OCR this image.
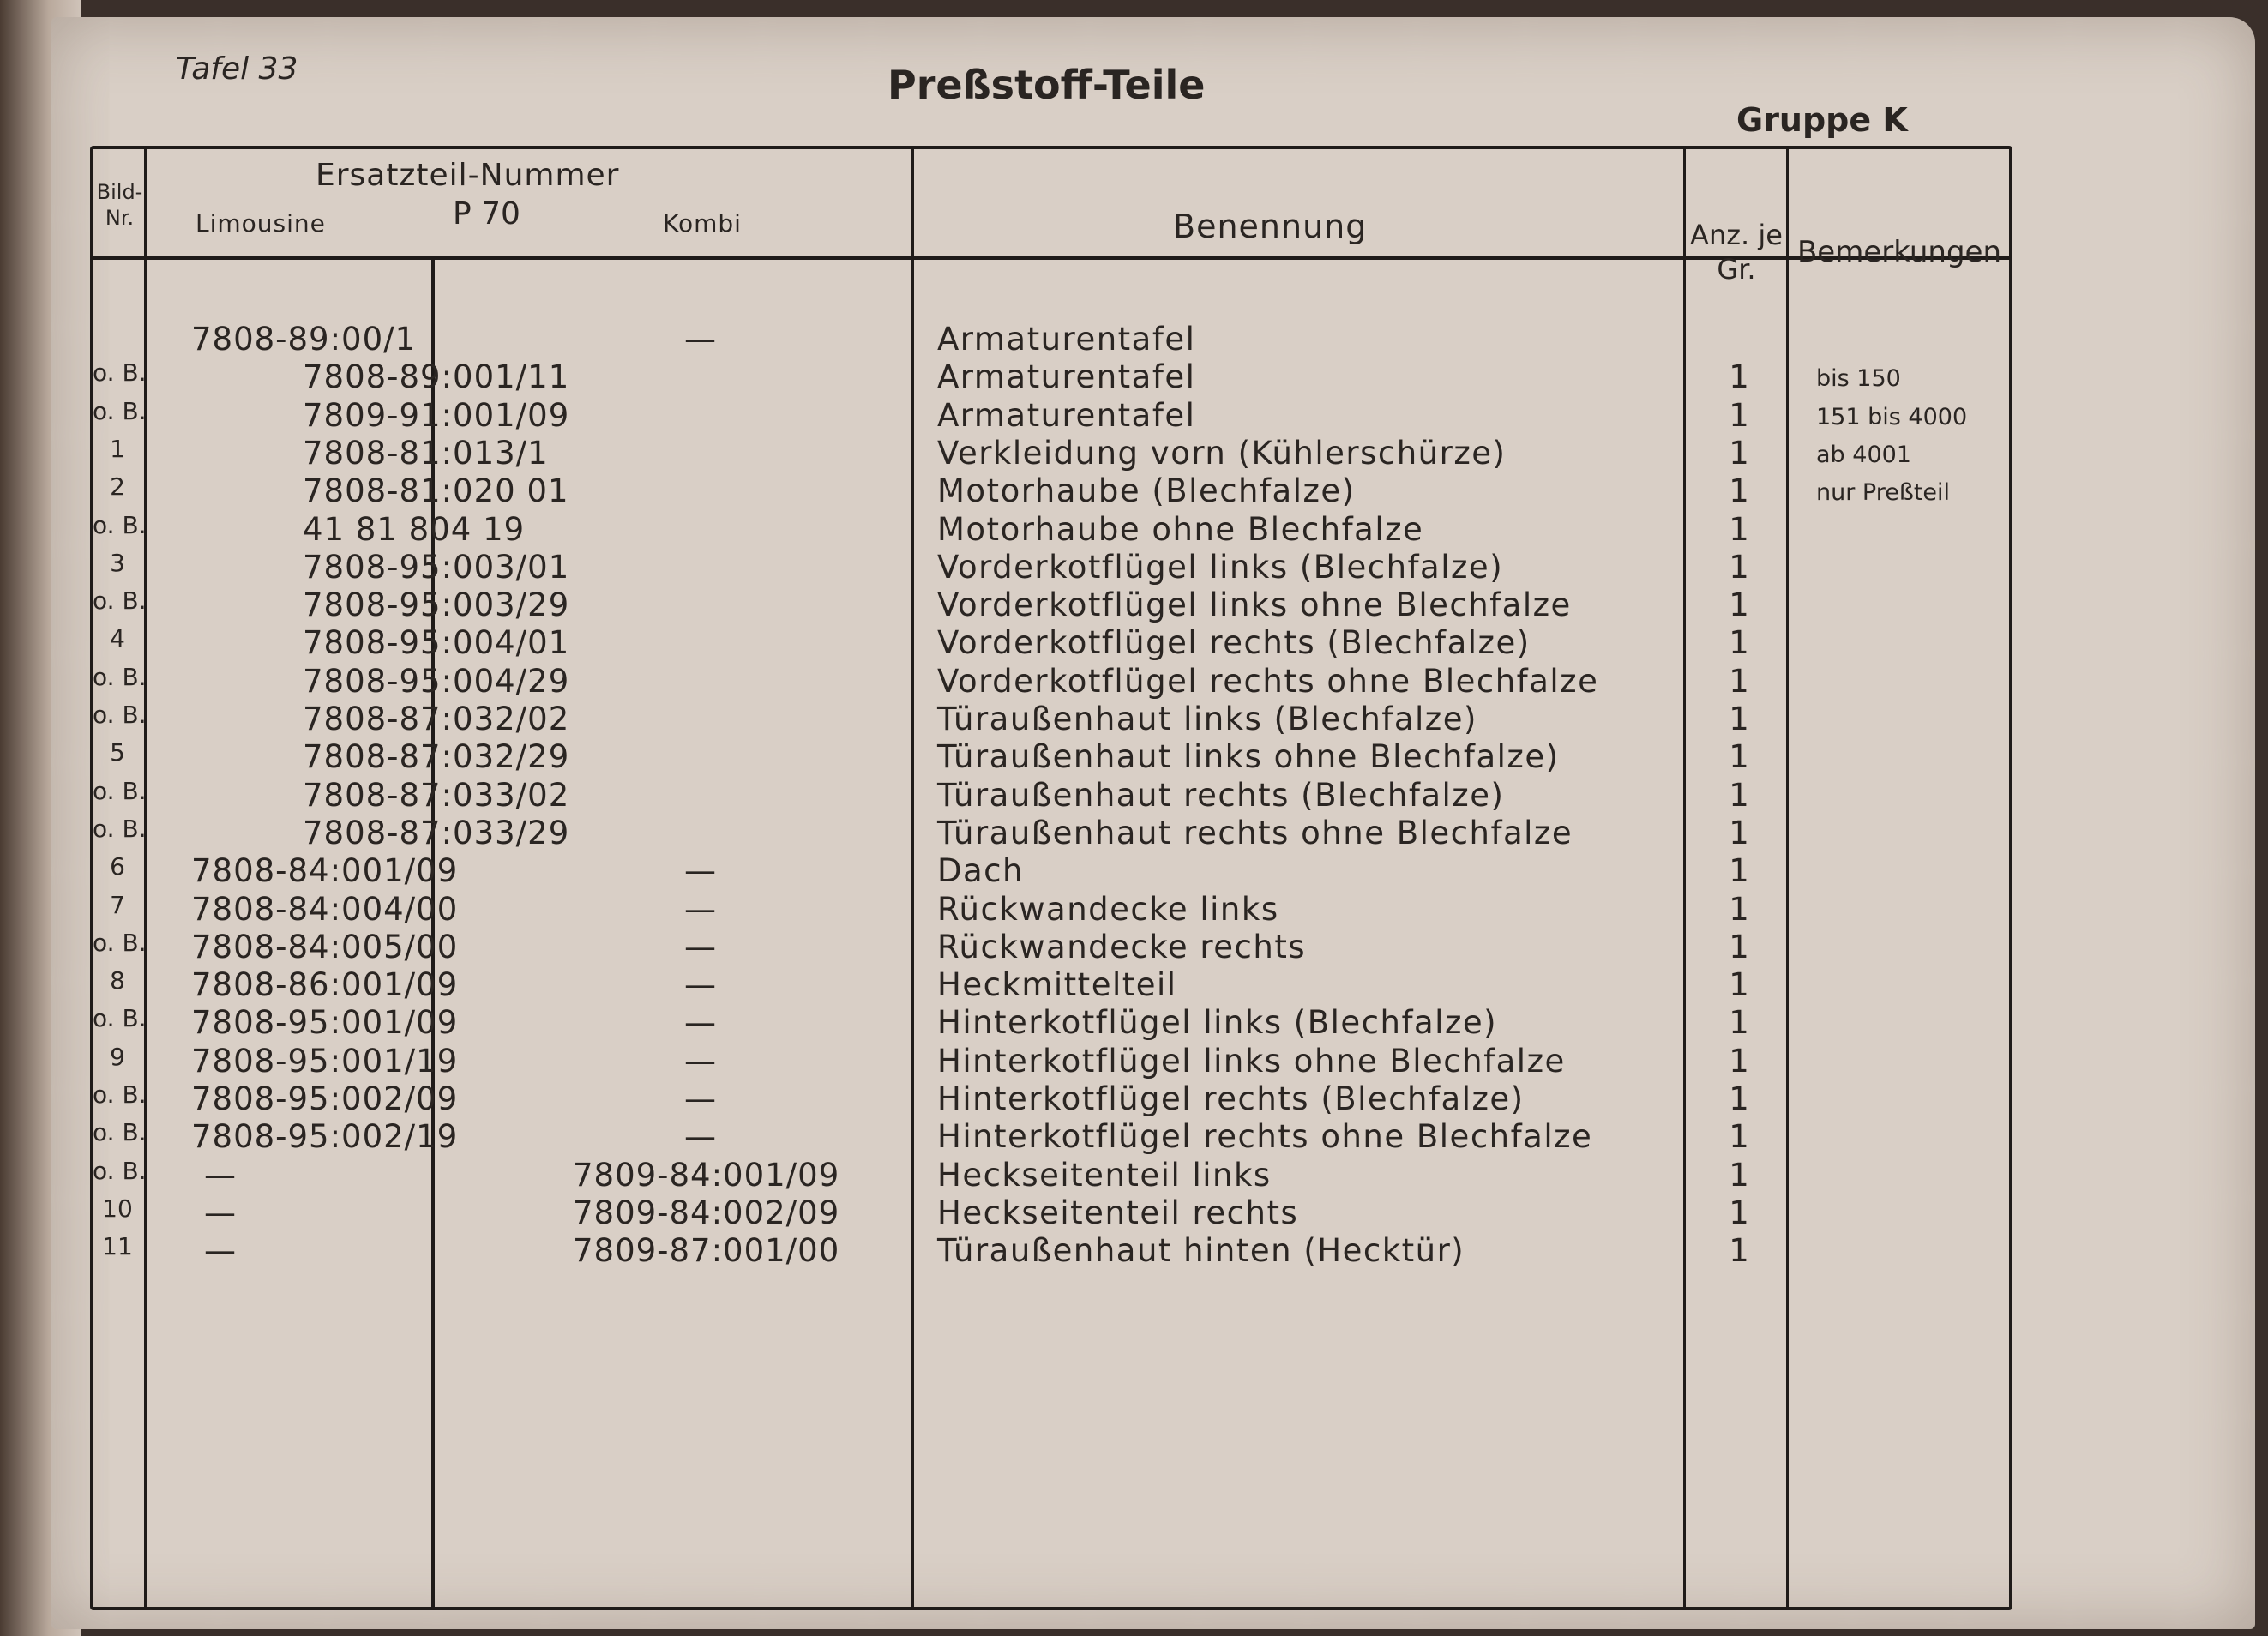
Tafel 33	Preßstoff-Teile
Gruppe K
Bild-Nr.
Ersatzteil-Nummer
Limousine	P 70	Kombi	Benennung	Anz. je Gr.	Bemerkungen
7808-89:00/1	—	Armaturentafel
o. B.	7808-89:001/11	Armaturentafel	1	bis 150
o. B.	7809-91:001/09	Armaturentafel	1	151 bis 4000
1	7808-81:013/1	Verkleidung vorn (Kühlerschürze)	1	ab 4001
2	7808-81:020 01	Motorhaube (Blechfalze)	1	nur Preßteil
o. B.	41 81 804 19	Motorhaube ohne Blechfalze	1
3	7808-95:003/01	Vorderkotflügel links (Blechfalze)	1
o. B.	7808-95:003/29	Vorderkotflügel links ohne Blechfalze	1
4	7808-95:004/01	Vorderkotflügel rechts (Blechfalze)	1
o. B.	7808-95:004/29	Vorderkotflügel rechts ohne Blechfalze	1
o. B.	7808-87:032/02	Türaußenhaut links (Blechfalze)	1
5	7808-87:032/29	Türaußenhaut links ohne Blechfalze)	1
o. B.	7808-87:033/02	Türaußenhaut rechts (Blechfalze)	1
o. B.	7808-87:033/29	Türaußenhaut rechts ohne Blechfalze	1
6	7808-84:001/09	—	Dach	1
7	7808-84:004/00	—	Rückwandecke links	1
o. B. 7808-84:005/00	—	Rückwandecke rechts	1
8	7808-86:001/09	—	Heckmittelteil	1
o. B. 7808-95:001/09	—	Hinterkotflügel links (Blechfalze)	1
9	7808-95:001/19	—	Hinterkotflügel links ohne Blechfalze	1
o. B. 7808-95:002/09	—	Hinterkotflügel rechts (Blechfalze)	1
o. B. 7808-95:002/19	—	Hinterkotflügel rechts ohne Blechfalze	1
o. B. —	7809-84:001/09	Heckseitenteil links	1
10	—	7809-84:002/09	Heckseitenteil rechts	1
11	—	7809-87:001/00	Türaußenhaut hinten (Hecktür)	1
